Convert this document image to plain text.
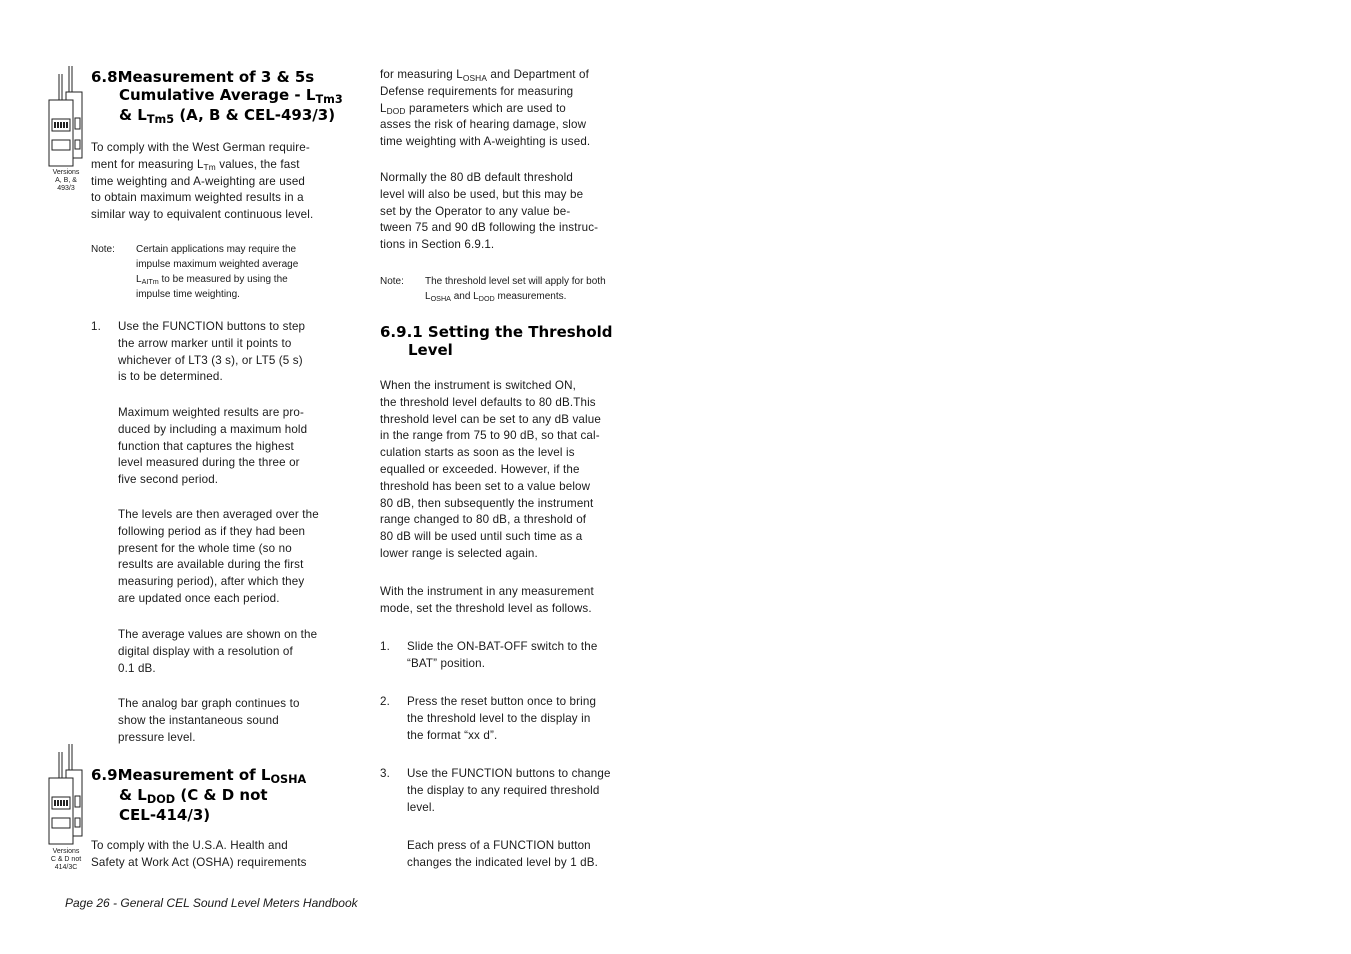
Versions
A, B, &
493/3
6.8Measurement of 3 & 5s
Cumulative Average - $L_{Tm3}$
& $L_{Tm5}$ (A, B & CEL-493/3)
To comply with the West German require-
ment for measuring $L_{Tm}$ values, the fast
time weighting and A-weighting are used
to obtain maximum weighted results in a
similar way to equivalent continuous level.
Note: Certain applications may require the
impulse maximum weighted average
$L_{AITm}$ to be measured by using the
impulse time weighting.
1. Use the FUNCTION buttons to step
the arrow marker until it points to
whichever of LT3 (3 s), or LT5 (5 s)
is to be determined.
Maximum weighted results are pro-
duced by including a maximum hold
function that captures the highest
level measured during the three or
five second period.
The levels are then averaged over the
following period as if they had been
present for the whole time (so no
results are available during the first
measuring period), after which they
are updated once each period.
The average values are shown on the
digital display with a resolution of
0.1 dB.
The analog bar graph continues to
show the instantaneous sound
pressure level.
Versions
C & D not
414/3C
6.9Measurement of $L_{OSHA}$
& $L_{DOD}$ (C & D not
CEL-414/3)
To comply with the U.S.A. Health and
Safety at Work Act (OSHA) requirements
for measuring $L_{OSHA}$ and Department of
Defense requirements for measuring
$L_{DOD}$ parameters which are used to
asses the risk of hearing damage, slow
time weighting with A-weighting is used.
Normally the 80 dB default threshold
level will also be used, but this may be
set by the Operator to any value be-
tween 75 and 90 dB following the instruc-
tions in Section 6.9.1.
Note: The threshold level set will apply for both
$L_{OSHA}$ and $L_{DOD}$ measurements.
6.9.1 Setting the Threshold
Level
When the instrument is switched ON,
the threshold level defaults to 80 dB.This
threshold level can be set to any dB value
in the range from 75 to 90 dB, so that cal-
culation starts as soon as the level is
equalled or exceeded. However, if the
threshold has been set to a value below
80 dB, then subsequently the instrument
range changed to 80 dB, a threshold of
80 dB will be used until such time as a
lower range is selected again.
With the instrument in any measurement
mode, set the threshold level as follows.
1. Slide the ON-BAT-OFF switch to the
“BAT” position.
2. Press the reset button once to bring
the threshold level to the display in
the format “xx d”.
3. Use the FUNCTION buttons to change
the display to any required threshold
level.
Each press of a FUNCTION button
changes the indicated level by 1 dB.
Page 26 - General CEL Sound Level Meters Handbook
